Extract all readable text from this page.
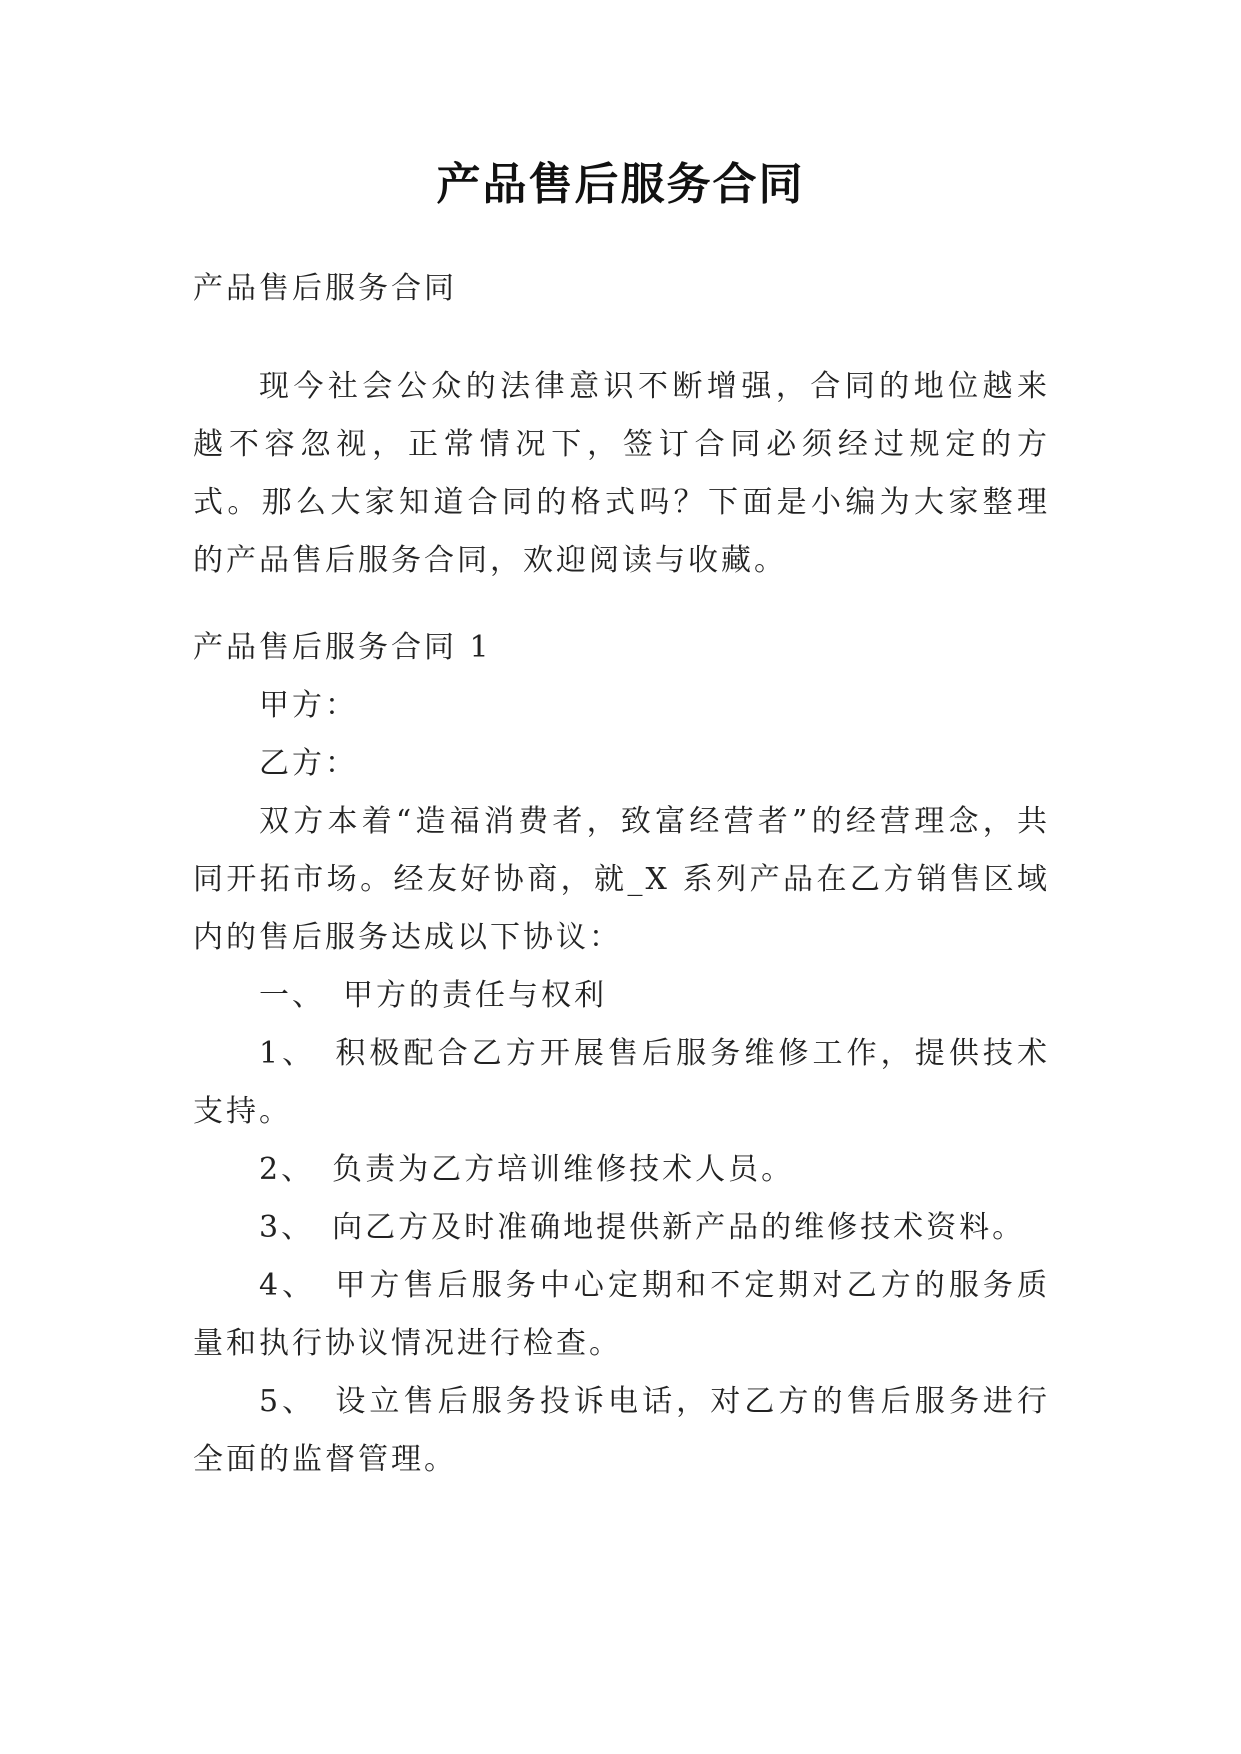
产品售后服务合同

产品售后服务合同

现今社会公众的法律意识不断增强，合同的地位越来越不容忽视，正常情况下，签订合同必须经过规定的方式。那么大家知道合同的格式吗？下面是小编为大家整理的产品售后服务合同，欢迎阅读与收藏。

产品售后服务合同 1

甲方：

乙方：

双方本着“造福消费者，致富经营者”的经营理念，共同开拓市场。经友好协商，就_X 系列产品在乙方销售区域内的售后服务达成以下协议：

一、　甲方的责任与权利

1、　积极配合乙方开展售后服务维修工作，提供技术支持。

2、　负责为乙方培训维修技术人员。

3、　向乙方及时准确地提供新产品的维修技术资料。

4、　甲方售后服务中心定期和不定期对乙方的服务质量和执行协议情况进行检查。

5、　设立售后服务投诉电话，对乙方的售后服务进行全面的监督管理。
